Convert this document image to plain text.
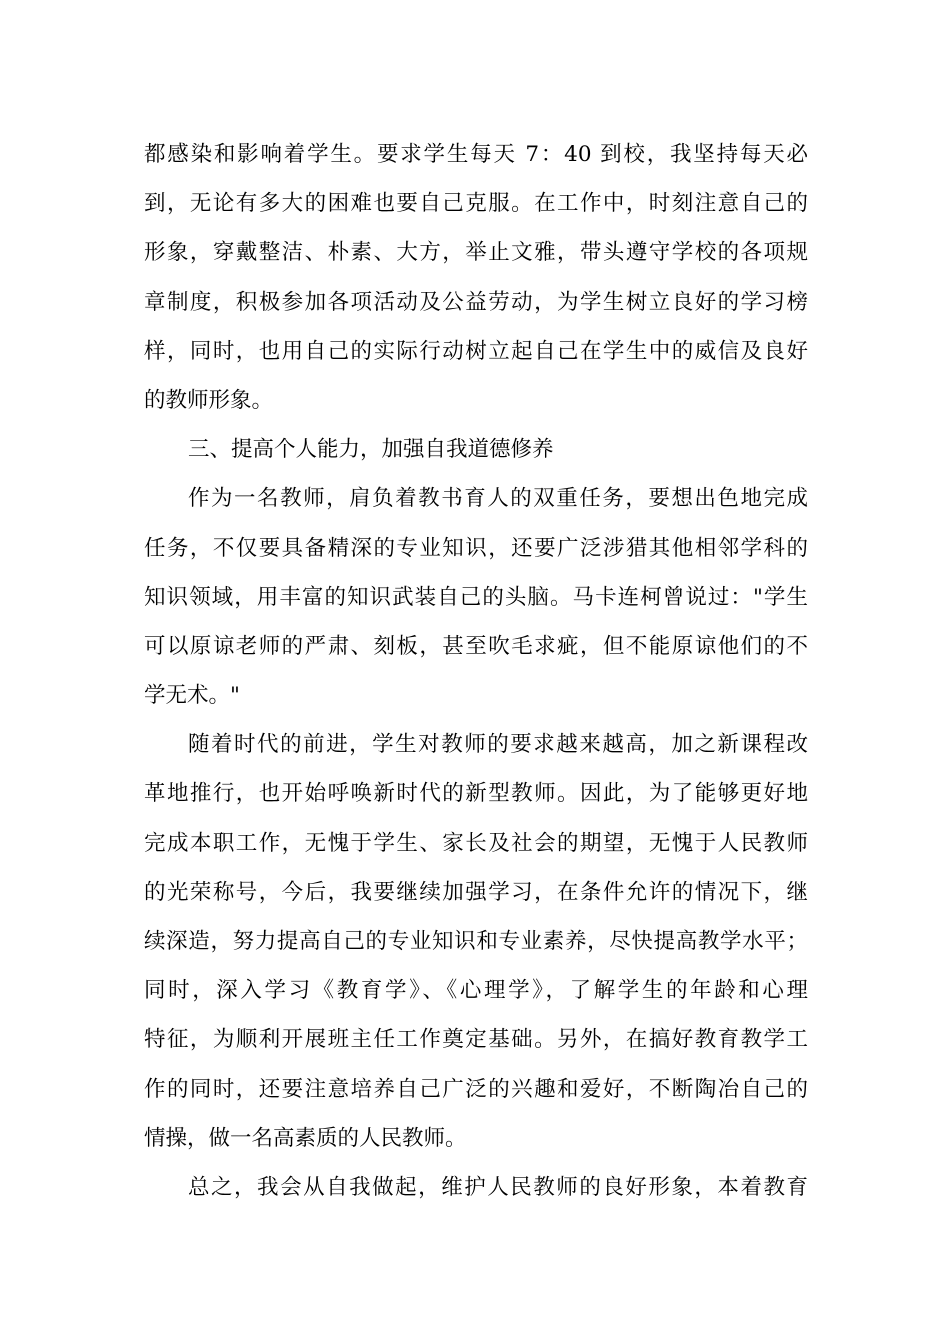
都感染和影响着学生。要求学生每天 7：40 到校，我坚持每天必
到，无论有多大的困难也要自己克服。在工作中，时刻注意自己的
形象，穿戴整洁、朴素、大方，举止文雅，带头遵守学校的各项规
章制度，积极参加各项活动及公益劳动，为学生树立良好的学习榜
样，同时，也用自己的实际行动树立起自己在学生中的威信及良好
的教师形象。
三、提高个人能力，加强自我道德修养
作为一名教师，肩负着教书育人的双重任务，要想出色地完成
任务，不仅要具备精深的专业知识，还要广泛涉猎其他相邻学科的
知识领域，用丰富的知识武装自己的头脑。马卡连柯曾说过："学生
可以原谅老师的严肃、刻板，甚至吹毛求疵，但不能原谅他们的不
学无术。"
随着时代的前进，学生对教师的要求越来越高，加之新课程改
革地推行，也开始呼唤新时代的新型教师。因此，为了能够更好地
完成本职工作，无愧于学生、家长及社会的期望，无愧于人民教师
的光荣称号，今后，我要继续加强学习，在条件允许的情况下，继
续深造，努力提高自己的专业知识和专业素养，尽快提高教学水平；
同时，深入学习《教育学》、《心理学》，了解学生的年龄和心理
特征，为顺利开展班主任工作奠定基础。另外，在搞好教育教学工
作的同时，还要注意培养自己广泛的兴趣和爱好，不断陶冶自己的
情操，做一名高素质的人民教师。
总之，我会从自我做起，维护人民教师的良好形象，本着教育
